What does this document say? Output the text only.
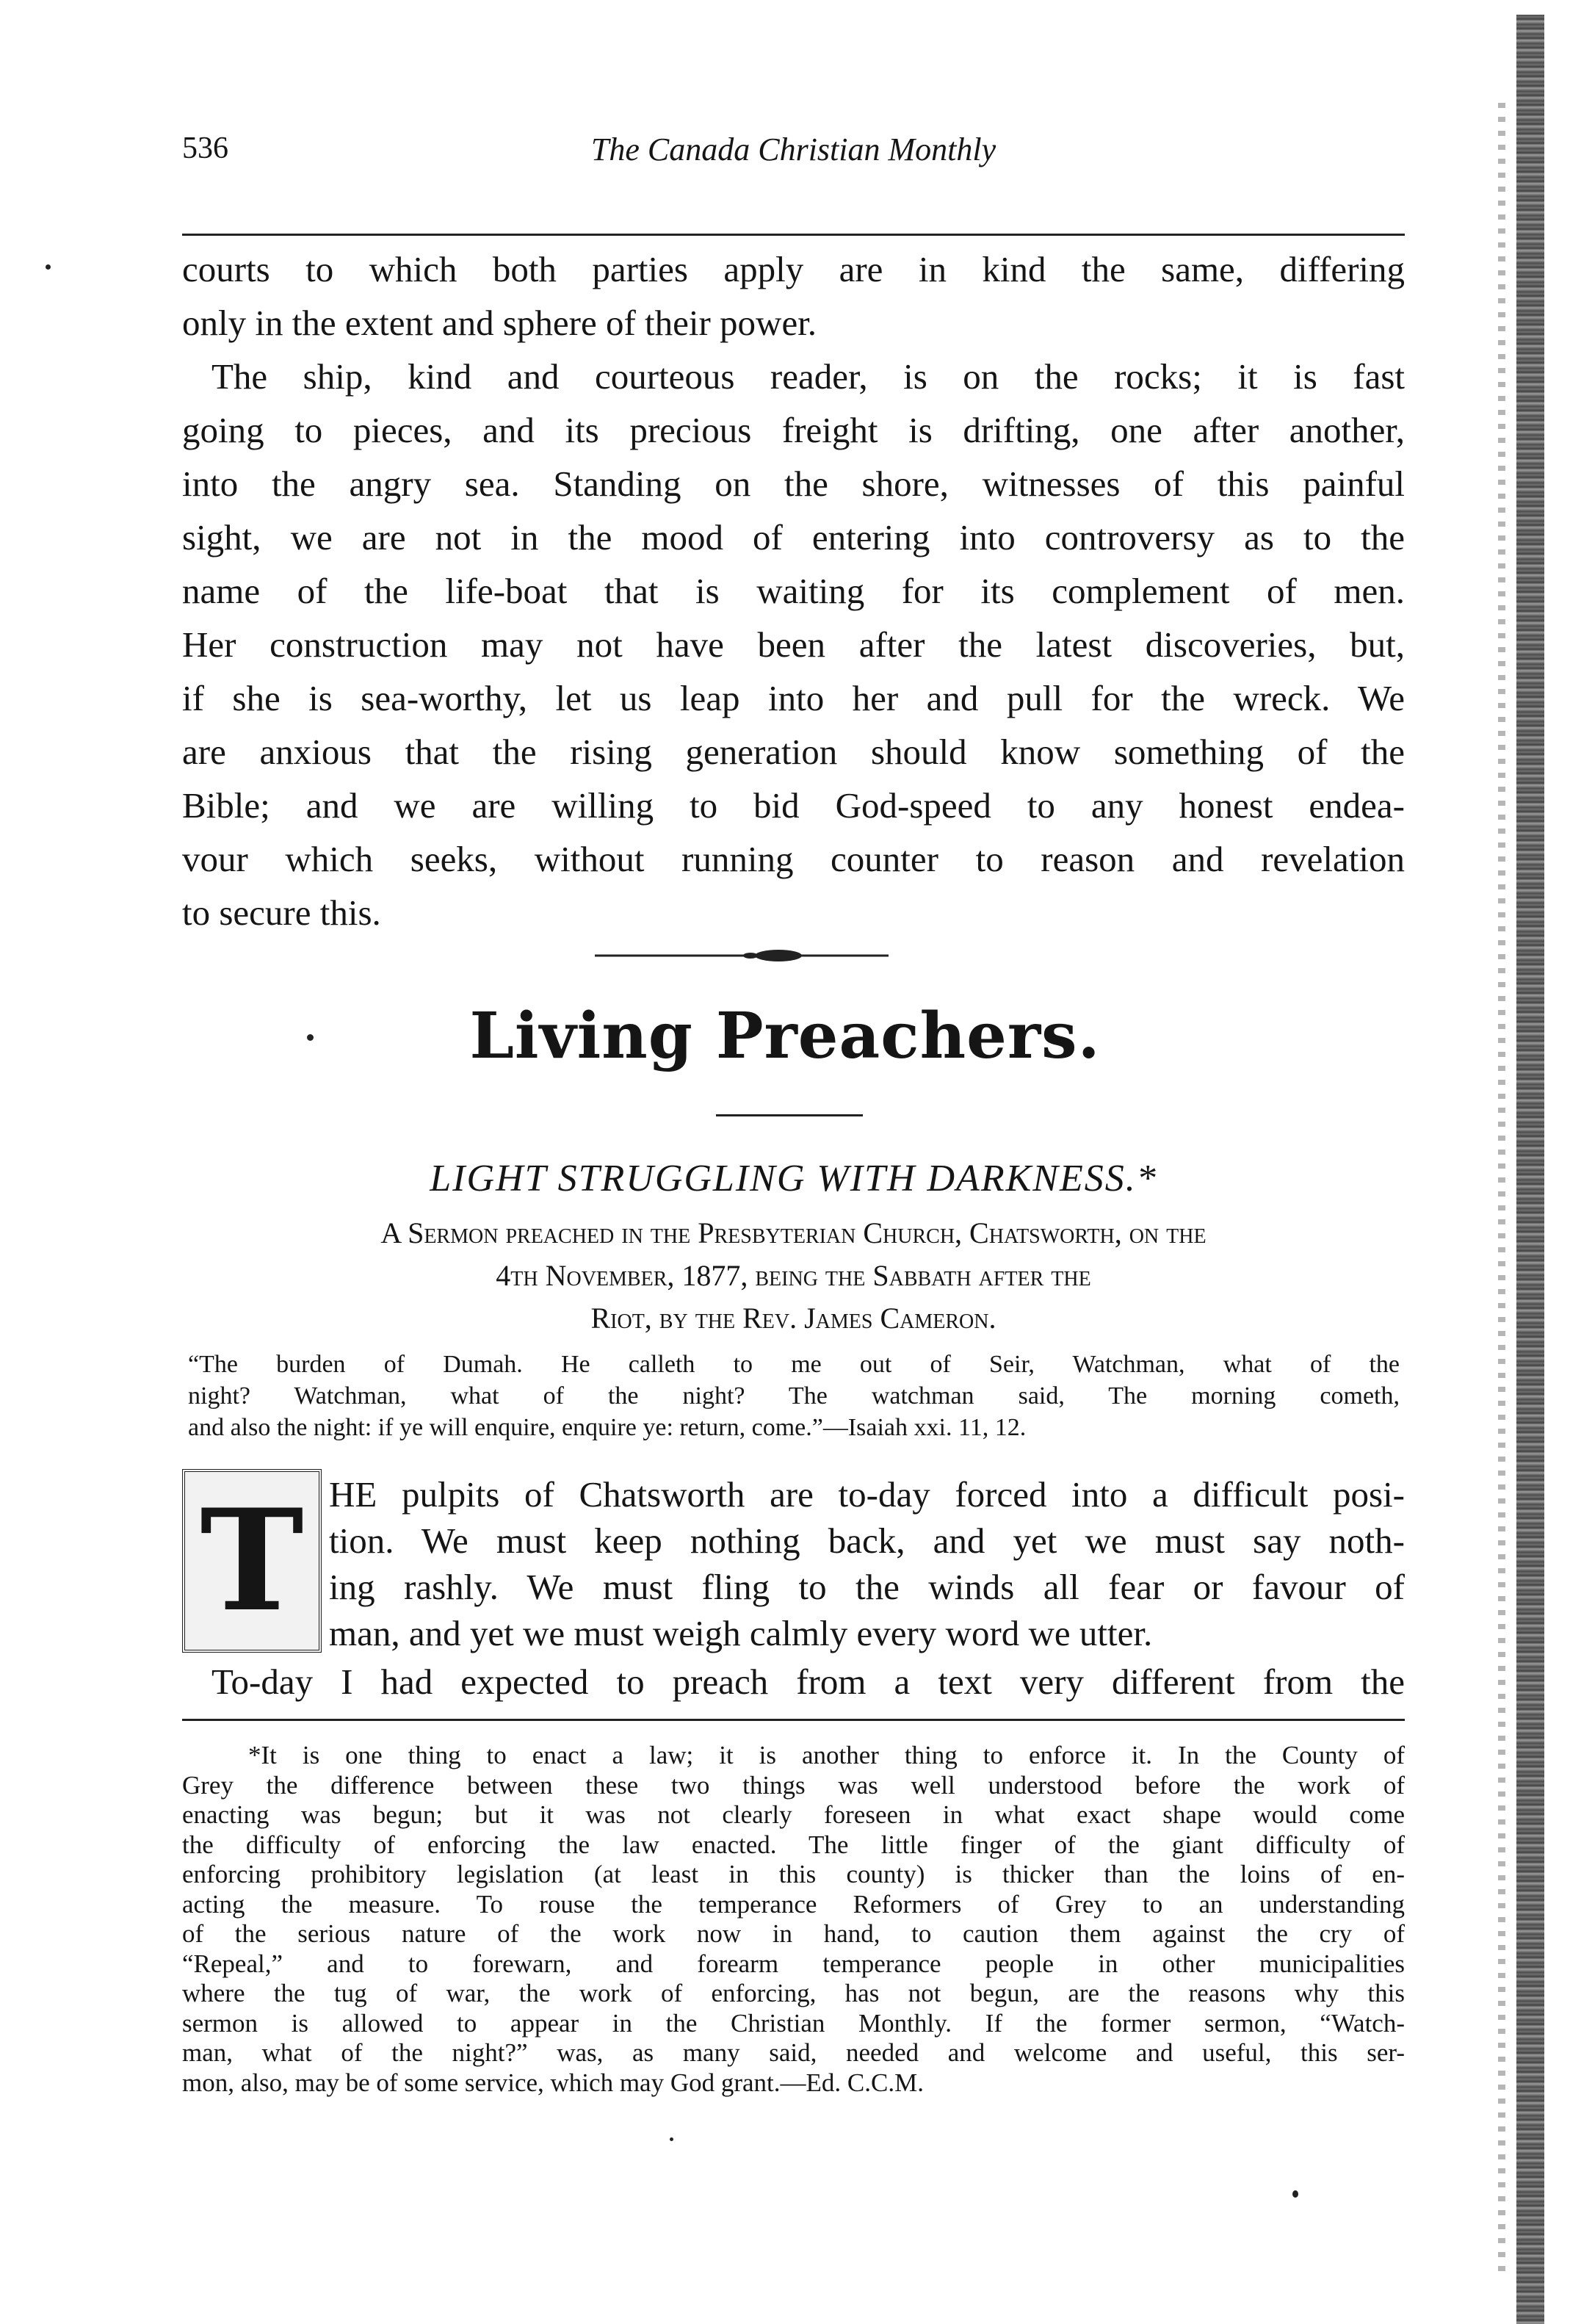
536	The Canada Christian Monthly
courts to which both parties apply are in kind the same, differing
only in the extent and sphere of their power.
The ship, kind and courteous reader, is on the rocks; it is fast
going to pieces, and its precious freight is drifting, one after another,
into the angry sea. Standing on the shore, witnesses of this painful
sight, we are not in the mood of entering into controversy as to the
name of the life-boat that is waiting for its complement of men.
Her construction may not have been after the latest discoveries, but,
if she is sea-worthy, let us leap into her and pull for the wreck. We
are anxious that the rising generation should know something of the
Bible; and we are willing to bid God-speed to any honest endea-
vour which seeks, without running counter to reason and revelation
to secure this.
Living Preachers.
LIGHT STRUGGLING WITH DARKNESS.*
A Sermon preached in the Presbyterian Church, Chatsworth, on the
4th November, 1877, being the Sabbath after the
Riot, by the Rev. James Cameron.
“The burden of Dumah. He calleth to me out of Seir, Watchman, what of the
night? Watchman, what of the night? The watchman said, The morning cometh,
and also the night: if ye will enquire, enquire ye: return, come.”—Isaiah xxi. 11, 12.
T HE pulpits of Chatsworth are to-day forced into a difficult posi-
tion. We must keep nothing back, and yet we must say noth-
ing rashly. We must fling to the winds all fear or favour of
man, and yet we must weigh calmly every word we utter.
To-day I had expected to preach from a text very different from the
*It is one thing to enact a law; it is another thing to enforce it. In the County of
Grey the difference between these two things was well understood before the work of
enacting was begun; but it was not clearly foreseen in what exact shape would come
the difficulty of enforcing the law enacted. The little finger of the giant difficulty of
enforcing prohibitory legislation (at least in this county) is thicker than the loins of en-
acting the measure. To rouse the temperance Reformers of Grey to an understanding
of the serious nature of the work now in hand, to caution them against the cry of
“Repeal,” and to forewarn, and forearm temperance people in other municipalities
where the tug of war, the work of enforcing, has not begun, are the reasons why this
sermon is allowed to appear in the Christian Monthly. If the former sermon, “Watch-
man, what of the night?” was, as many said, needed and welcome and useful, this ser-
mon, also, may be of some service, which may God grant.—Ed. C.C.M.
